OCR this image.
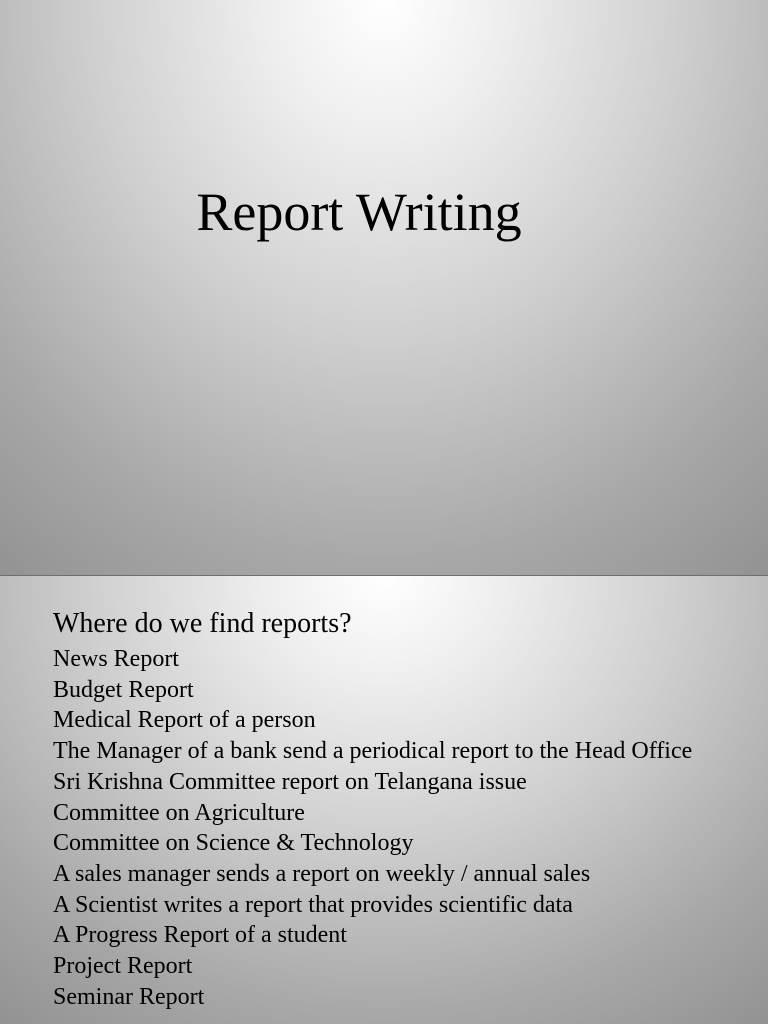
Report Writing
Where do we find reports?
News Report
Budget Report
Medical Report of a person
The Manager of a bank send a periodical report to the Head Office
Sri Krishna Committee report on Telangana issue
Committee on Agriculture
Committee on Science & Technology
A sales manager sends a report on weekly / annual sales
A Scientist writes a report that provides scientific data
A Progress Report of a student
Project Report
Seminar Report
